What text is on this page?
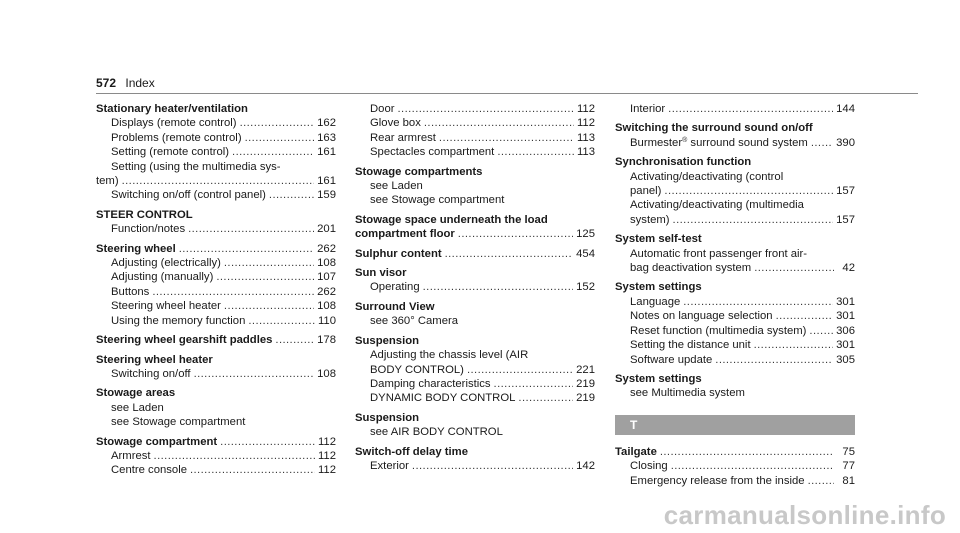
572 Index
Stationary heater/ventilation
Displays (remote control) .....	162
Problems (remote control) .....	163
Setting (remote control) .....	161
Setting (using the multimedia sys-
tem) .....	161
Switching on/off (control panel) .....	159
STEER CONTROL
Function/notes .....	201
Steering wheel .....	262
Adjusting (electrically) .....	108
Adjusting (manually) .....	107
Buttons .....	262
Steering wheel heater .....	108
Using the memory function .....	110
Steering wheel gearshift paddles .....	178
Steering wheel heater
Switching on/off .....	108
Stowage areas
see Laden
see Stowage compartment
Stowage compartment .....	112
Armrest .....	112
Centre console .....	112
Door .....	112
Glove box .....	112
Rear armrest .....	113
Spectacles compartment .....	113
Stowage compartments
see Laden
see Stowage compartment
Stowage space underneath the load
compartment floor .....	125
Sulphur content .....	454
Sun visor
Operating .....	152
Surround View
see 360° Camera
Suspension
Adjusting the chassis level (AIR
BODY CONTROL) .....	221
Damping characteristics .....	219
DYNAMIC BODY CONTROL .....	219
Suspension
see AIR BODY CONTROL
Switch-off delay time
Exterior .....	142
Interior .....	144
Switching the surround sound on/off
Burmester® surround sound system .....	390
Synchronisation function
Activating/deactivating (control
panel) .....	157
Activating/deactivating (multimedia
system) .....	157
System self-test
Automatic front passenger front air-
bag deactivation system .....	42
System settings
Language .....	301
Notes on language selection .....	301
Reset function (multimedia system) .....	306
Setting the distance unit .....	301
Software update .....	305
System settings
see Multimedia system
T
Tailgate .....	75
Closing .....	77
Emergency release from the inside .....	81
carmanualsonline.info
